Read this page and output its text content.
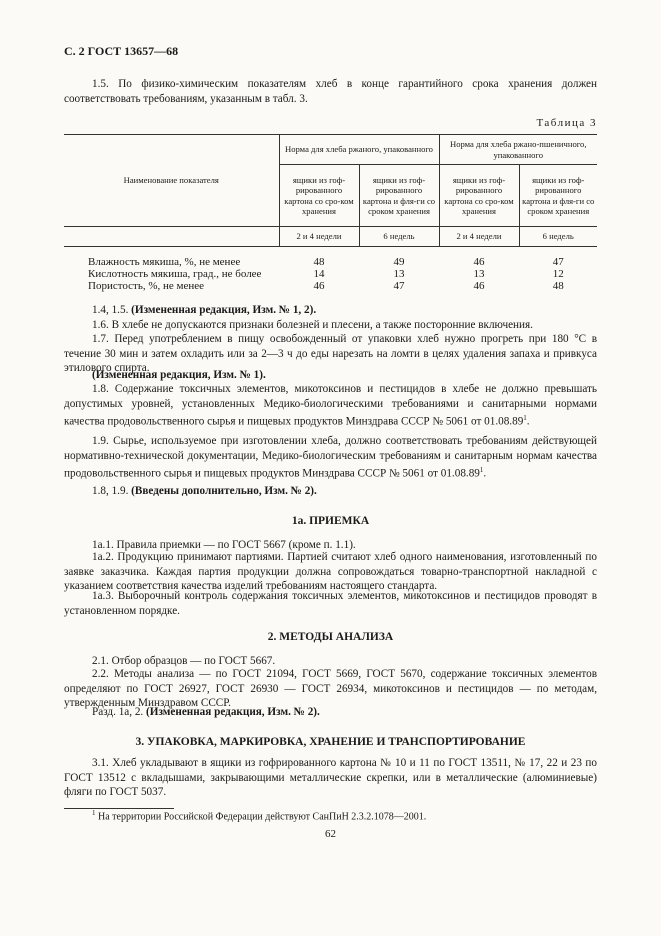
С. 2 ГОСТ 13657—68
1.5. По физико-химическим показателям хлеб в конце гарантийного срока хранения должен соответствовать требованиям, указанным в табл. 3.
Таблица 3
Наименование показателя	Норма для хлеба ржаного, упакованного		Норма для хлеба ржано-пшеничного, упакованного	
	ящики из гоф-рированного картона со сро-ком хранения	ящики из гоф-рированного картона и фля-ги со сроком хранения	ящики из гоф-рированного картона со сро-ком хранения	ящики из гоф-рированного картона и фля-ги со сроком хранения
	2 и 4 недели	6 недель	2 и 4 недели	6 недель

Влажность мякиша, %, не менее	48	49	46	47
Кислотность мякиша, град., не более	14	13	13	12
Пористость, %, не менее	46	47	46	48
1.4, 1.5. (Измененная редакция, Изм. № 1, 2).
1.6. В хлебе не допускаются признаки болезней и плесени, а также посторонние включения.
1.7. Перед употреблением в пищу освобожденный от упаковки хлеб нужно прогреть при 180 °С в течение 30 мин и затем охладить или за 2—3 ч до еды нарезать на ломти в целях удаления запаха и привкуса этилового спирта.
(Измененная редакция, Изм. № 1).
1.8. Содержание токсичных элементов, микотоксинов и пестицидов в хлебе не должно превышать допустимых уровней, установленных Медико-биологическими требованиями и санитарными нормами качества продовольственного сырья и пищевых продуктов Минздрава СССР № 5061 от 01.08.89$^1$.
1.9. Сырье, используемое при изготовлении хлеба, должно соответствовать требованиям действующей нормативно-технической документации, Медико-биологическим требованиям и санитарным нормам качества продовольственного сырья и пищевых продуктов Минздрава СССР № 5061 от 01.08.89$^1$.
1.8, 1.9. (Введены дополнительно, Изм. № 2).
1а. ПРИЕМКА
1а.1. Правила приемки — по ГОСТ 5667 (кроме п. 1.1).
1а.2. Продукцию принимают партиями. Партией считают хлеб одного наименования, изготовленный по заявке заказчика. Каждая партия продукции должна сопровождаться товарно-транспортной накладной с указанием соответствия качества изделий требованиям настоящего стандарта.
1а.3. Выборочный контроль содержания токсичных элементов, микотоксинов и пестицидов проводят в установленном порядке.
2. МЕТОДЫ АНАЛИЗА
2.1. Отбор образцов — по ГОСТ 5667.
2.2. Методы анализа — по ГОСТ 21094, ГОСТ 5669, ГОСТ 5670, содержание токсичных элементов определяют по ГОСТ 26927, ГОСТ 26930 — ГОСТ 26934, микотоксинов и пестицидов — по методам, утвержденным Минздравом СССР.
Разд. 1а, 2. (Измененная редакция, Изм. № 2).
3. УПАКОВКА, МАРКИРОВКА, ХРАНЕНИЕ И ТРАНСПОРТИРОВАНИЕ
3.1. Хлеб укладывают в ящики из гофрированного картона № 10 и 11 по ГОСТ 13511, № 17, 22 и 23 по ГОСТ 13512 с вкладышами, закрывающими металлические скрепки, или в металлические (алюминиевые) фляги по ГОСТ 5037.
$^1$ На территории Российской Федерации действуют СанПиН 2.3.2.1078—2001.
62
